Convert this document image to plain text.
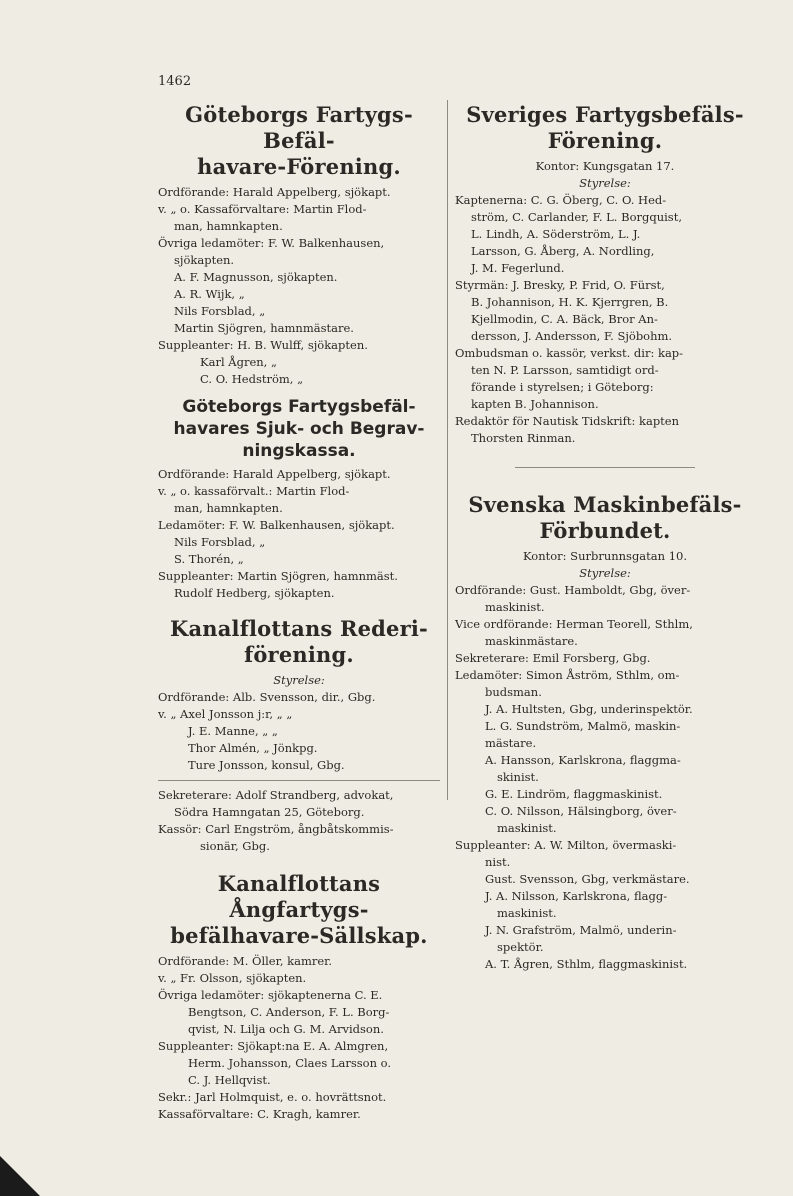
1462
Göteborgs Fartygs-Befäl-
havare-Förening.
Ordförande: Harald Appelberg, sjökapt.
v. „ o. Kassaförvaltare: Martin Flod-
man, hamnkapten.
Övriga ledamöter: F. W. Balkenhausen,
sjökapten.
A. F. Magnusson, sjökapten.
A. R. Wijk, „
Nils Forsblad, „
Martin Sjögren, hamnmästare.
Suppleanter: H. B. Wulff, sjökapten.
Karl Ågren, „
C. O. Hedström, „
Göteborgs Fartygsbefäl-
havares Sjuk- och Begrav-
ningskassa.
Ordförande: Harald Appelberg, sjökapt.
v. „ o. kassaförvalt.: Martin Flod-
man, hamnkapten.
Ledamöter: F. W. Balkenhausen, sjökapt.
Nils Forsblad, „
S. Thorén, „
Suppleanter: Martin Sjögren, hamnmäst.
Rudolf Hedberg, sjökapten.
Kanalflottans Rederi-
förening.
Styrelse:
Ordförande: Alb. Svensson, dir., Gbg.
v. „ Axel Jonsson j:r, „ „
J. E. Manne, „ „
Thor Almén, „ Jönkpg.
Ture Jonsson, konsul, Gbg.
Sekreterare: Adolf Strandberg, advokat,
Södra Hamngatan 25, Göteborg.
Kassör: Carl Engström, ångbåtskommis-
sionär, Gbg.
Kanalflottans Ångfartygs-
befälhavare-Sällskap.
Ordförande: M. Öller, kamrer.
v. „ Fr. Olsson, sjökapten.
Övriga ledamöter: sjökaptenerna C. E.
Bengtson, C. Anderson, F. L. Borg-
qvist, N. Lilja och G. M. Arvidson.
Suppleanter: Sjökapt:na E. A. Almgren,
Herm. Johansson, Claes Larsson o.
C. J. Hellqvist.
Sekr.: Jarl Holmquist, e. o. hovrättsnot.
Kassaförvaltare: C. Kragh, kamrer.
Sveriges Fartygsbefäls-
Förening.
Kontor: Kungsgatan 17.
Styrelse:
Kaptenerna: C. G. Öberg, C. O. Hed-
ström, C. Carlander, F. L. Borgquist,
L. Lindh, A. Söderström, L. J.
Larsson, G. Åberg, A. Nordling,
J. M. Fegerlund.
Styrmän: J. Bresky, P. Frid, O. Fürst,
B. Johannison, H. K. Kjerrgren, B.
Kjellmodin, C. A. Bäck, Bror An-
dersson, J. Andersson, F. Sjöbohm.
Ombudsman o. kassör, verkst. dir: kap-
ten N. P. Larsson, samtidigt ord-
förande i styrelsen; i Göteborg:
kapten B. Johannison.
Redaktör för Nautisk Tidskrift: kapten
Thorsten Rinman.
Svenska Maskinbefäls-
Förbundet.
Kontor: Surbrunnsgatan 10.
Styrelse:
Ordförande: Gust. Hamboldt, Gbg, över-
maskinist.
Vice ordförande: Herman Teorell, Sthlm,
maskinmästare.
Sekreterare: Emil Forsberg, Gbg.
Ledamöter: Simon Åström, Sthlm, om-
budsman.
J. A. Hultsten, Gbg, underinspektör.
L. G. Sundström, Malmö, maskin-
mästare.
A. Hansson, Karlskrona, flaggma-
skinist.
G. E. Lindröm, flaggmaskinist.
C. O. Nilsson, Hälsingborg, över-
maskinist.
Suppleanter: A. W. Milton, övermaski-
nist.
Gust. Svensson, Gbg, verkmästare.
J. A. Nilsson, Karlskrona, flagg-
maskinist.
J. N. Grafström, Malmö, underin-
spektör.
A. T. Ågren, Sthlm, flaggmaskinist.
